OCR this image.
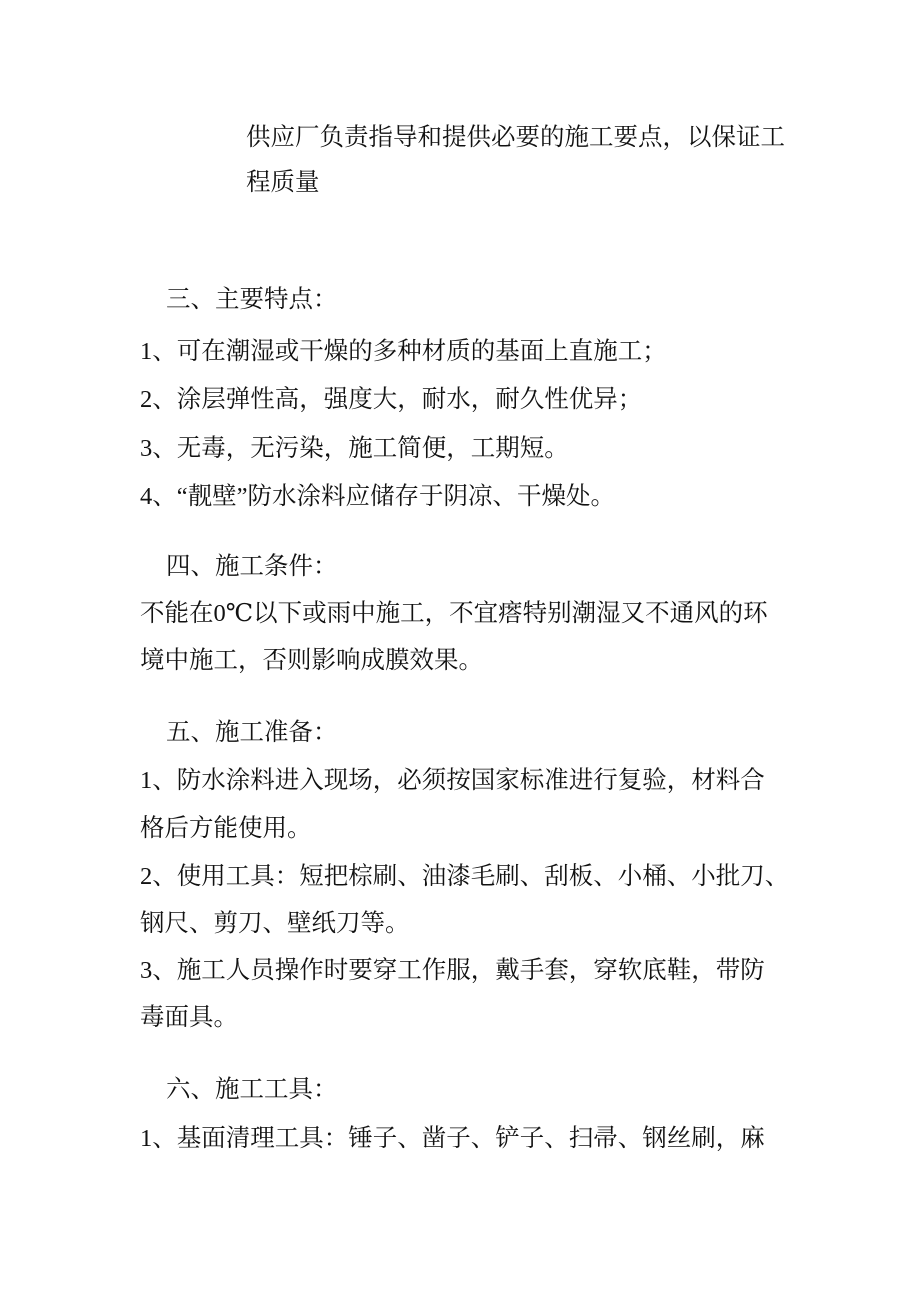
供应厂负责指导和提供必要的施工要点，以保证工
程质量
三、主要特点：
1、可在潮湿或干燥的多种材质的基面上直施工；
2、涂层弹性高，强度大，耐水，耐久性优异；
3、无毒，无污染，施工简便，工期短。
4、“靓壁”防水涂料应储存于阴凉、干燥处。
四、施工条件：
不能在0℃以下或雨中施工，不宜瘩特别潮湿又不通风的环
境中施工，否则影响成膜效果。
五、施工准备：
1、防水涂料进入现场，必须按国家标准进行复验，材料合
格后方能使用。
2、使用工具：短把棕刷、油漆毛刷、刮板、小桶、小批刀、
钢尺、剪刀、壁纸刀等。
3、施工人员操作时要穿工作服，戴手套，穿软底鞋，带防
毒面具。
六、施工工具：
1、基面清理工具：锤子、凿子、铲子、扫帚、钢丝刷，麻
